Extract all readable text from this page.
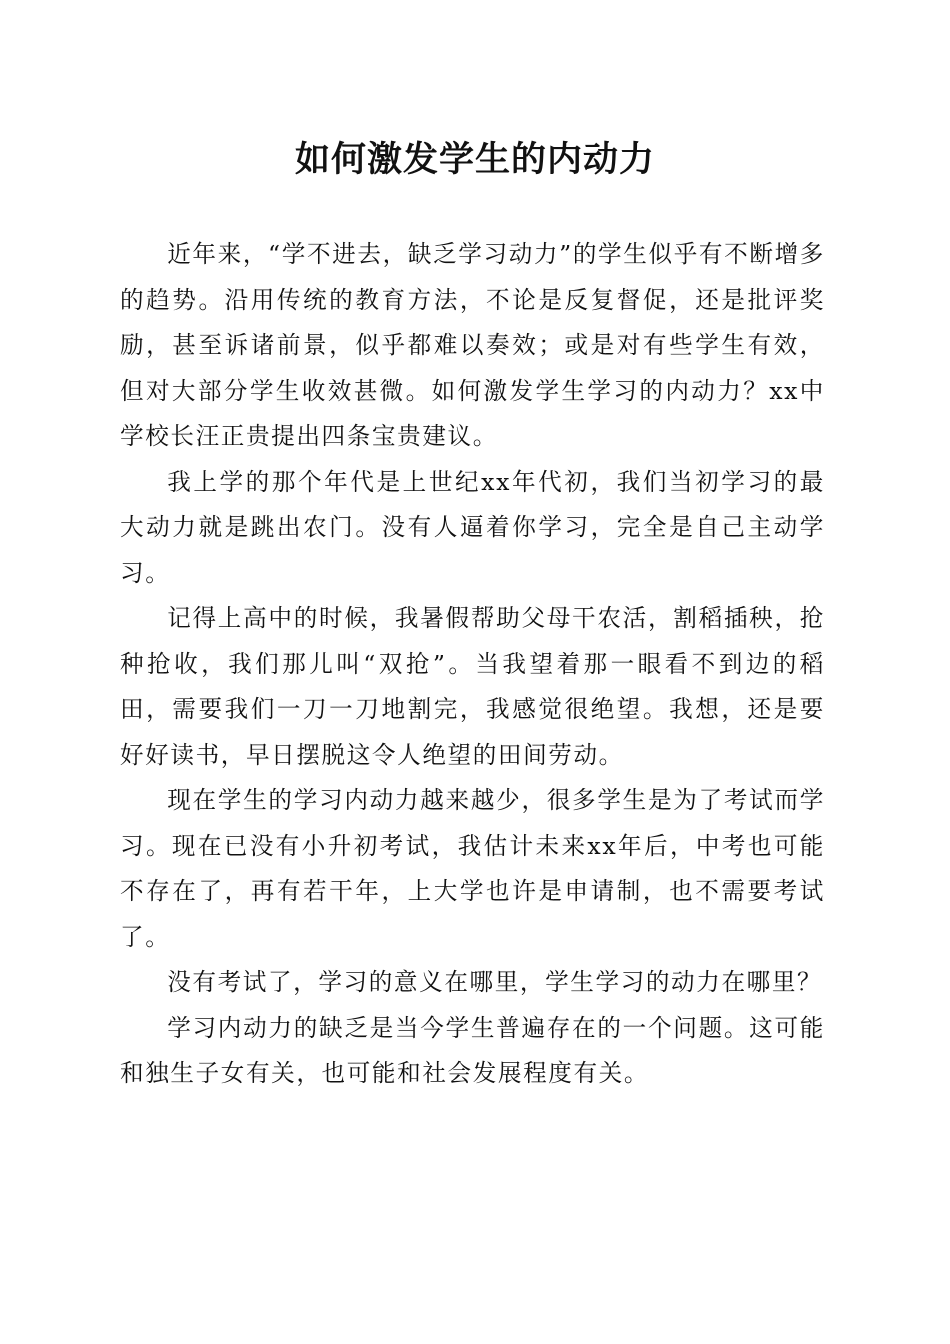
如何激发学生的内动力

近年来，“学不进去，缺乏学习动力”的学生似乎有不断增多的趋势。沿用传统的教育方法，不论是反复督促，还是批评奖励，甚至诉诸前景，似乎都难以奏效；或是对有些学生有效，但对大部分学生收效甚微。如何激发学生学习的内动力？xx中学校长汪正贵提出四条宝贵建议。

我上学的那个年代是上世纪xx年代初，我们当初学习的最大动力就是跳出农门。没有人逼着你学习，完全是自己主动学习。

记得上高中的时候，我暑假帮助父母干农活，割稻插秧，抢种抢收，我们那儿叫“双抢”。当我望着那一眼看不到边的稻田，需要我们一刀一刀地割完，我感觉很绝望。我想，还是要好好读书，早日摆脱这令人绝望的田间劳动。

现在学生的学习内动力越来越少，很多学生是为了考试而学习。现在已没有小升初考试，我估计未来xx年后，中考也可能不存在了，再有若干年，上大学也许是申请制，也不需要考试了。

没有考试了，学习的意义在哪里，学生学习的动力在哪里？

学习内动力的缺乏是当今学生普遍存在的一个问题。这可能和独生子女有关，也可能和社会发展程度有关。
